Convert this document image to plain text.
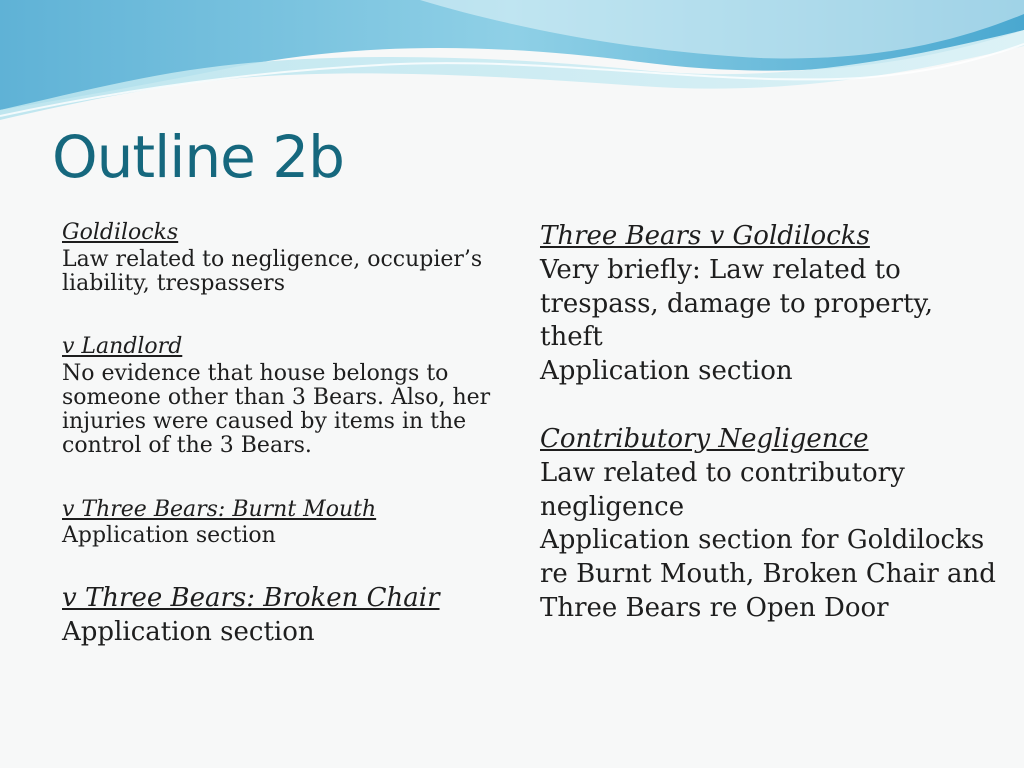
Outline 2b
Goldilocks
Law related to negligence, occupier’s liability, trespassers
v Landlord
No evidence that house belongs to someone other than 3 Bears. Also, her injuries were caused by items in the control of the 3 Bears.
v Three Bears: Burnt Mouth
Application section
v Three Bears: Broken Chair
Application section
Three Bears v Goldilocks
Very briefly: Law related to trespass, damage to property, theft
Application section
Contributory Negligence
Law related to contributory negligence
Application section for Goldilocks re Burnt Mouth, Broken Chair and Three Bears re Open Door
